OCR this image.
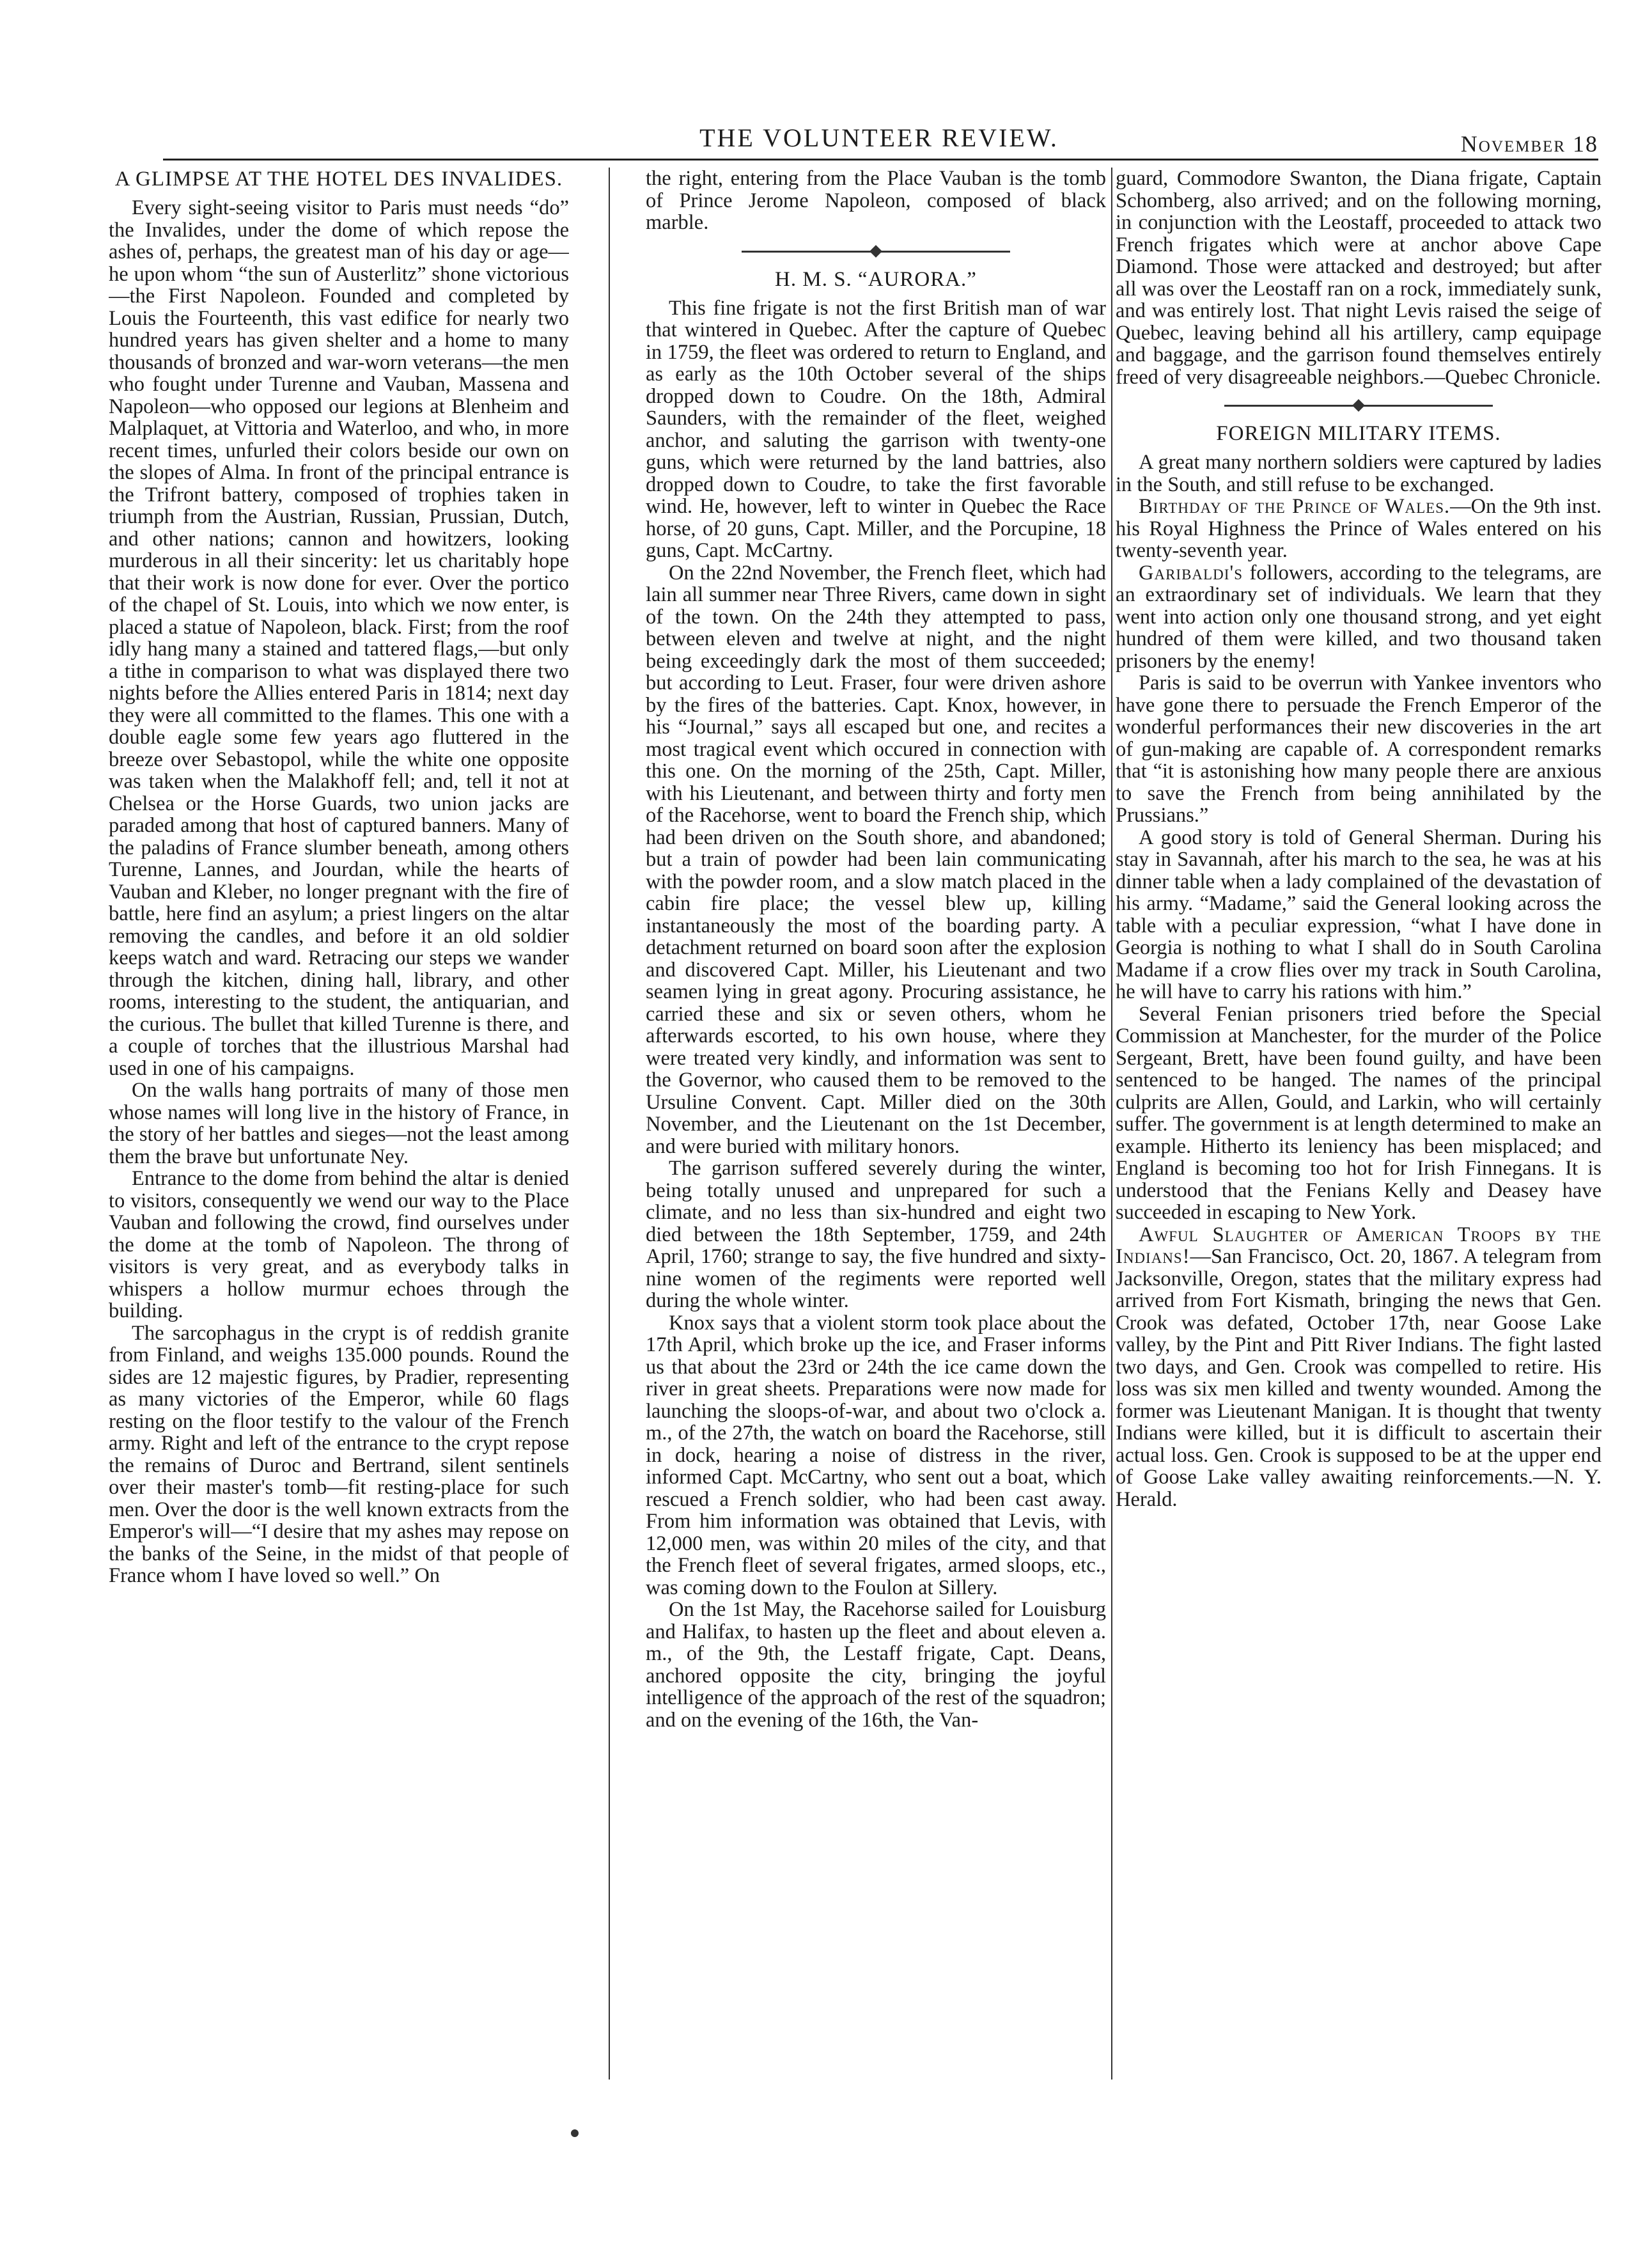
THE VOLUNTEER REVIEW.	November 18
A GLIMPSE AT THE HOTEL DES INVALIDES.

Every sight-seeing visitor to Paris must needs “do” the Invalides, under the dome of which repose the ashes of, perhaps, the greatest man of his day or age—he upon whom “the sun of Austerlitz” shone victorious —the First Napoleon. Founded and completed by Louis the Fourteenth, this vast edifice for nearly two hundred years has given shelter and a home to many thousands of bronzed and war-worn veterans—the men who fought under Turenne and Vauban, Massena and Napoleon—who opposed our legions at Blenheim and Malplaquet, at Vittoria and Waterloo, and who, in more recent times, unfurled their colors beside our own on the slopes of Alma. In front of the principal entrance is the Trifront battery, composed of trophies taken in triumph from the Austrian, Russian, Prussian, Dutch, and other nations; cannon and howitzers, looking murderous in all their sincerity: let us charitably hope that their work is now done for ever. Over the portico of the chapel of St. Louis, into which we now enter, is placed a statue of Napoleon, black. First; from the roof idly hang many a stained and tattered flags,—but only a tithe in comparison to what was displayed there two nights before the Allies entered Paris in 1814; next day they were all committed to the flames. This one with a double eagle some few years ago fluttered in the breeze over Sebastopol, while the white one opposite was taken when the Malakhoff fell; and, tell it not at Chelsea or the Horse Guards, two union jacks are paraded among that host of captured banners. Many of the paladins of France slumber beneath, among others Turenne, Lannes, and Jourdan, while the hearts of Vauban and Kleber, no longer pregnant with the fire of battle, here find an asylum; a priest lingers on the altar removing the candles, and before it an old soldier keeps watch and ward. Retracing our steps we wander through the kitchen, dining hall, library, and other rooms, interesting to the student, the antiquarian, and the curious. The bullet that killed Turenne is there, and a couple of torches that the illustrious Marshal had used in one of his campaigns.

On the walls hang portraits of many of those men whose names will long live in the history of France, in the story of her battles and sieges—not the least among them the brave but unfortunate Ney.

Entrance to the dome from behind the altar is denied to visitors, consequently we wend our way to the Place Vauban and following the crowd, find ourselves under the dome at the tomb of Napoleon. The throng of visitors is very great, and as everybody talks in whispers a hollow murmur echoes through the building.

The sarcophagus in the crypt is of reddish granite from Finland, and weighs 135.000 pounds. Round the sides are 12 majestic figures, by Pradier, representing as many victories of the Emperor, while 60 flags resting on the floor testify to the valour of the French army. Right and left of the entrance to the crypt repose the remains of Duroc and Bertrand, silent sentinels over their master's tomb—fit resting-place for such men. Over the door is the well known extracts from the Emperor's will—“I desire that my ashes may repose on the banks of the Seine, in the midst of that people of France whom I have loved so well.” On

the right, entering from the Place Vauban is the tomb of Prince Jerome Napoleon, composed of black marble.

H. M. S. “AURORA.”

This fine frigate is not the first British man of war that wintered in Quebec. After the capture of Quebec in 1759, the fleet was ordered to return to England, and as early as the 10th October several of the ships dropped down to Coudre. On the 18th, Admiral Saunders, with the remainder of the fleet, weighed anchor, and saluting the garrison with twenty-one guns, which were returned by the land battries, also dropped down to Coudre, to take the first favorable wind. He, however, left to winter in Quebec the Race horse, of 20 guns, Capt. Miller, and the Porcupine, 18 guns, Capt. McCartny.

On the 22nd November, the French fleet, which had lain all summer near Three Rivers, came down in sight of the town. On the 24th they attempted to pass, between eleven and twelve at night, and the night being exceedingly dark the most of them succeeded; but according to Leut. Fraser, four were driven ashore by the fires of the batteries. Capt. Knox, however, in his “Journal,” says all escaped but one, and recites a most tragical event which occured in connection with this one. On the morning of the 25th, Capt. Miller, with his Lieutenant, and between thirty and forty men of the Racehorse, went to board the French ship, which had been driven on the South shore, and abandoned; but a train of powder had been lain communicating with the powder room, and a slow match placed in the cabin fire place; the vessel blew up, killing instantaneously the most of the boarding party. A detachment returned on board soon after the explosion and discovered Capt. Miller, his Lieutenant and two seamen lying in great agony. Procuring assistance, he carried these and six or seven others, whom he afterwards escorted, to his own house, where they were treated very kindly, and information was sent to the Governor, who caused them to be removed to the Ursuline Convent. Capt. Miller died on the 30th November, and the Lieutenant on the 1st December, and were buried with military honors.

The garrison suffered severely during the winter, being totally unused and unprepared for such a climate, and no less than six-hundred and eight two died between the 18th September, 1759, and 24th April, 1760; strange to say, the five hundred and sixty-nine women of the regiments were reported well during the whole winter.

Knox says that a violent storm took place about the 17th April, which broke up the ice, and Fraser informs us that about the 23rd or 24th the ice came down the river in great sheets. Preparations were now made for launching the sloops-of-war, and about two o'clock a. m., of the 27th, the watch on board the Racehorse, still in dock, hearing a noise of distress in the river, informed Capt. McCartny, who sent out a boat, which rescued a French soldier, who had been cast away. From him information was obtained that Levis, with 12,000 men, was within 20 miles of the city, and that the French fleet of several frigates, armed sloops, etc., was coming down to the Foulon at Sillery.

On the 1st May, the Racehorse sailed for Louisburg and Halifax, to hasten up the fleet and about eleven a. m., of the 9th, the Lestaff frigate, Capt. Deans, anchored opposite the city, bringing the joyful intelligence of the approach of the rest of the squadron; and on the evening of the 16th, the Van-

guard, Commodore Swanton, the Diana frigate, Captain Schomberg, also arrived; and on the following morning, in conjunction with the Leostaff, proceeded to attack two French frigates which were at anchor above Cape Diamond. Those were attacked and destroyed; but after all was over the Leostaff ran on a rock, immediately sunk, and was entirely lost. That night Levis raised the seige of Quebec, leaving behind all his artillery, camp equipage and baggage, and the garrison found themselves entirely freed of very disagreeable neighbors.—Quebec Chronicle.

FOREIGN MILITARY ITEMS.

A great many northern soldiers were captured by ladies in the South, and still refuse to be exchanged.

Birthday of the Prince of Wales.—On the 9th inst. his Royal Highness the Prince of Wales entered on his twenty-seventh year.

Garibaldi's followers, according to the telegrams, are an extraordinary set of individuals. We learn that they went into action only one thousand strong, and yet eight hundred of them were killed, and two thousand taken prisoners by the enemy!

Paris is said to be overrun with Yankee inventors who have gone there to persuade the French Emperor of the wonderful performances their new discoveries in the art of gun-making are capable of. A correspondent remarks that “it is astonishing how many people there are anxious to save the French from being annihilated by the Prussians.”

A good story is told of General Sherman. During his stay in Savannah, after his march to the sea, he was at his dinner table when a lady complained of the devastation of his army. “Madame,” said the General looking across the table with a peculiar expression, “what I have done in Georgia is nothing to what I shall do in South Carolina Madame if a crow flies over my track in South Carolina, he will have to carry his rations with him.”

Several Fenian prisoners tried before the Special Commission at Manchester, for the murder of the Police Sergeant, Brett, have been found guilty, and have been sentenced to be hanged. The names of the principal culprits are Allen, Gould, and Larkin, who will certainly suffer. The government is at length determined to make an example. Hitherto its leniency has been misplaced; and England is becoming too hot for Irish Finnegans. It is understood that the Fenians Kelly and Deasey have succeeded in escaping to New York.

Awful Slaughter of American Troops by the Indians!—San Francisco, Oct. 20, 1867. A telegram from Jacksonville, Oregon, states that the military express had arrived from Fort Kismath, bringing the news that Gen. Crook was defated, October 17th, near Goose Lake valley, by the Pint and Pitt River Indians. The fight lasted two days, and Gen. Crook was compelled to retire. His loss was six men killed and twenty wounded. Among the former was Lieutenant Manigan. It is thought that twenty Indians were killed, but it is difficult to ascertain their actual loss. Gen. Crook is supposed to be at the upper end of Goose Lake valley awaiting reinforcements.—N. Y. Herald.
